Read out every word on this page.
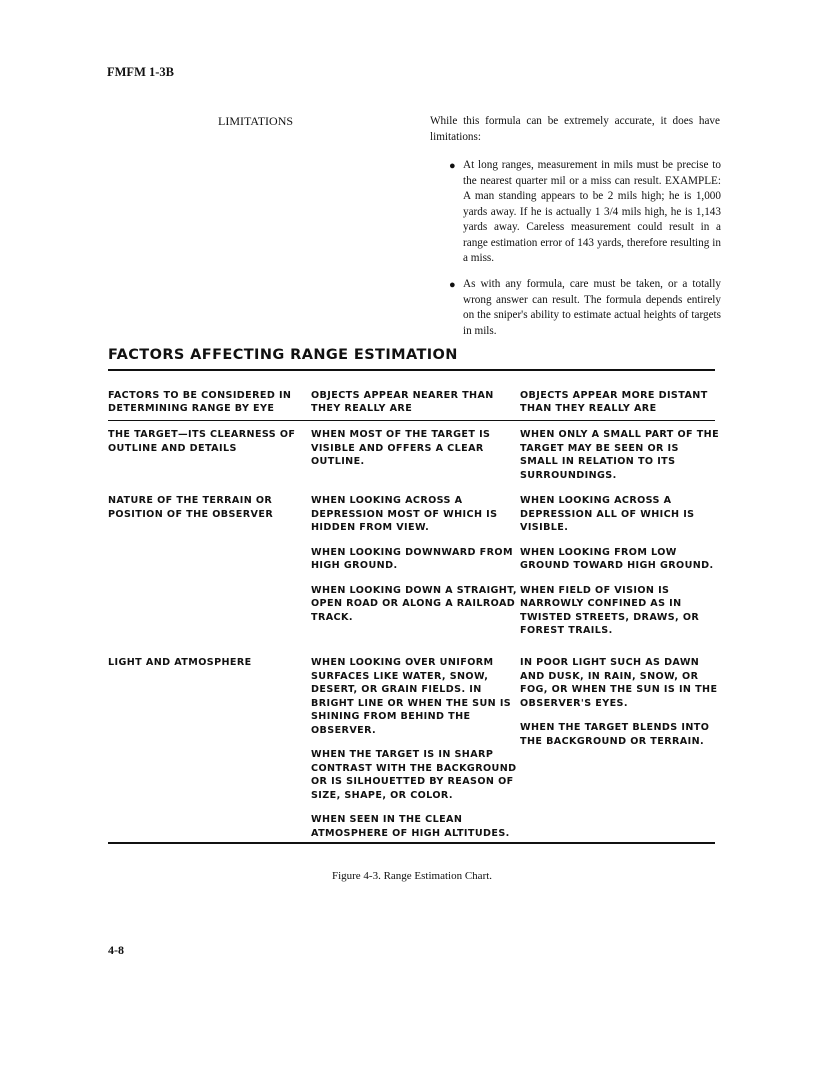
FMFM 1-3B
LIMITATIONS	While this formula can be extremely accurate, it does have limitations:

● At long ranges, measurement in mils must be precise to the nearest quarter mil or a miss can result. EXAMPLE: A man standing appears to be 2 mils high; he is 1,000 yards away. If he is actually 1 3/4 mils high, he is 1,143 yards away. Careless measurement could result in a range estimation error of 143 yards, therefore resulting in a miss.

● As with any formula, care must be taken, or a totally wrong answer can result. The formula depends entirely on the sniper's ability to estimate actual heights of targets in mils.

FACTORS AFFECTING RANGE ESTIMATION
FACTORS TO BE CONSIDERED IN DETERMINING RANGE BY EYE
OBJECTS APPEAR NEARER THAN THEY REALLY ARE
OBJECTS APPEAR MORE DISTANT THAN THEY REALLY ARE
THE TARGET—ITS CLEARNESS OF OUTLINE AND DETAILS

WHEN MOST OF THE TARGET IS VISIBLE AND OFFERS A CLEAR OUTLINE.

WHEN ONLY A SMALL PART OF THE TARGET MAY BE SEEN OR IS SMALL IN RELATION TO ITS SURROUNDINGS.

NATURE OF THE TERRAIN OR POSITION OF THE OBSERVER

WHEN LOOKING ACROSS A DEPRESSION MOST OF WHICH IS HIDDEN FROM VIEW.

WHEN LOOKING DOWNWARD FROM HIGH GROUND.

WHEN LOOKING DOWN A STRAIGHT, OPEN ROAD OR ALONG A RAILROAD TRACK.

WHEN LOOKING ACROSS A DEPRESSION ALL OF WHICH IS VISIBLE.

WHEN LOOKING FROM LOW GROUND TOWARD HIGH GROUND.

WHEN FIELD OF VISION IS NARROWLY CONFINED AS IN TWISTED STREETS, DRAWS, OR FOREST TRAILS.

LIGHT AND ATMOSPHERE	WHEN LOOKING OVER UNIFORM SURFACES LIKE WATER, SNOW, DESERT, OR GRAIN FIELDS. IN BRIGHT LINE OR WHEN THE SUN IS SHINING FROM BEHIND THE OBSERVER.

WHEN THE TARGET IS IN SHARP CONTRAST WITH THE BACKGROUND OR IS SILHOUETTED BY REASON OF SIZE, SHAPE, OR COLOR.

WHEN SEEN IN THE CLEAN ATMOSPHERE OF HIGH ALTITUDES.

IN POOR LIGHT SUCH AS DAWN AND DUSK, IN RAIN, SNOW, OR FOG, OR WHEN THE SUN IS IN THE OBSERVER'S EYES.

WHEN THE TARGET BLENDS INTO THE BACKGROUND OR TERRAIN.

Figure 4-3. Range Estimation Chart.
4-8
